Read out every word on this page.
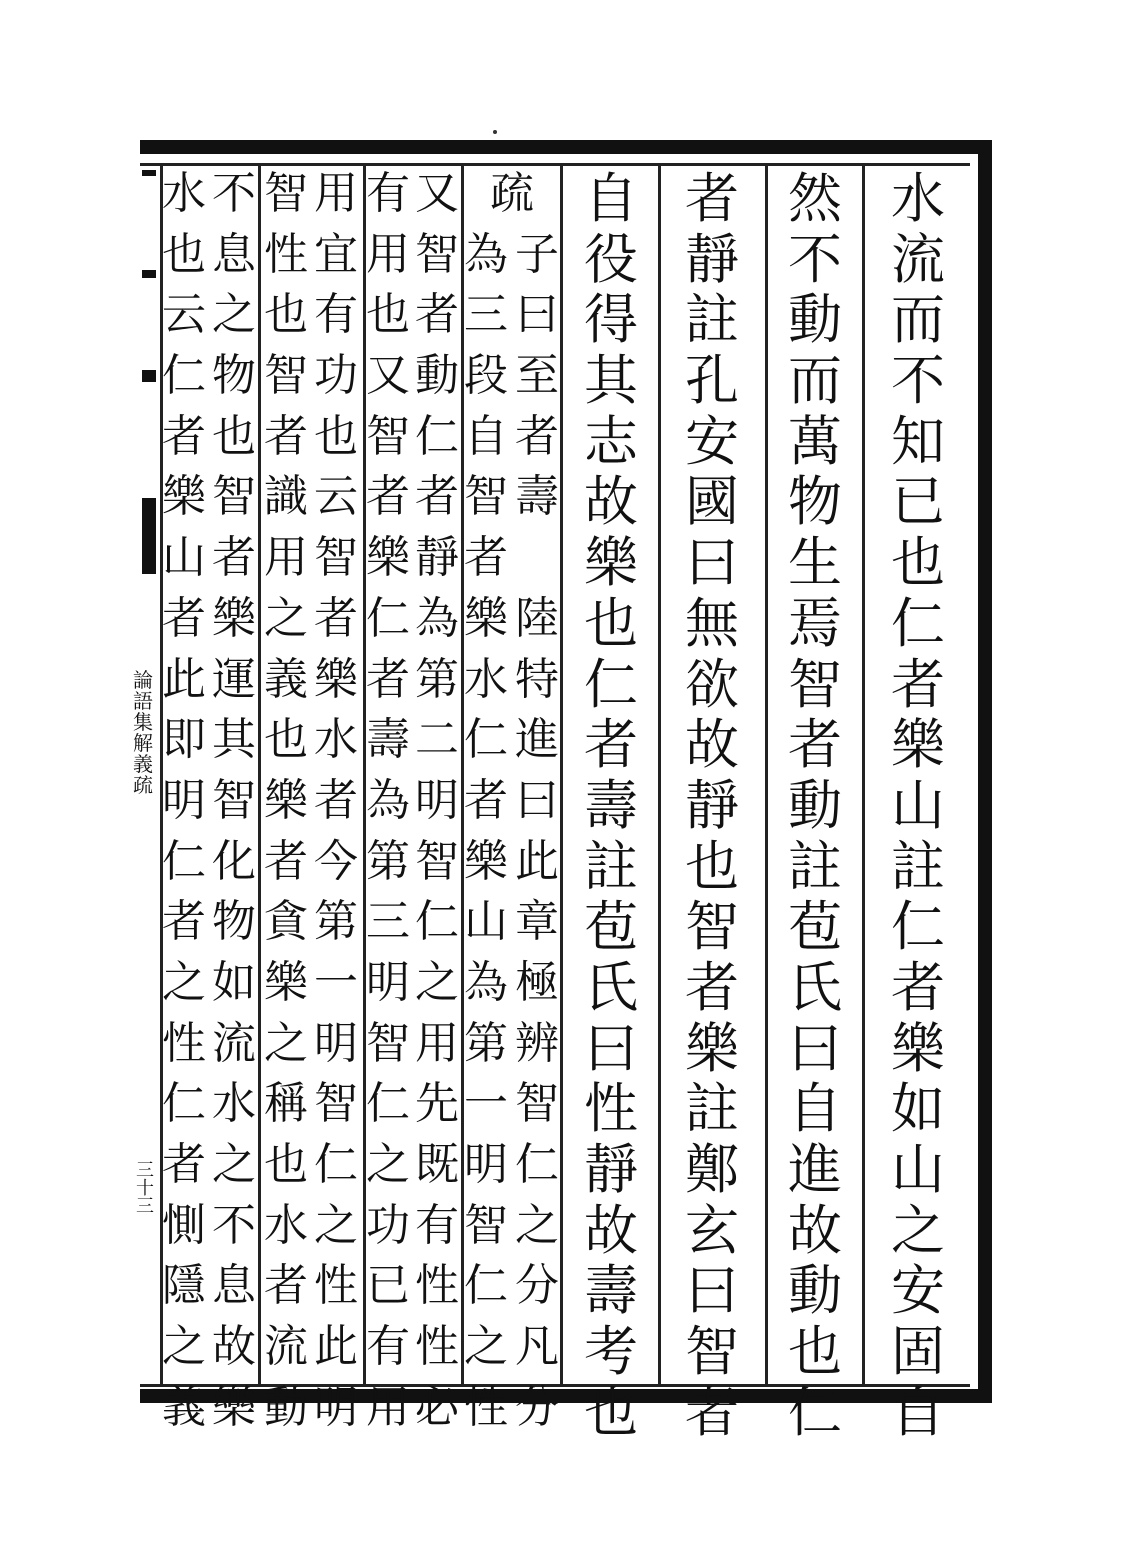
論
語
集
解
義
疏
三十三
水
流
而
不
知
已
也
仁
者
樂
山
註
仁
者
樂
如
山
之
安
固
自
然
不
動
而
萬
物
生
焉
智
者
動
註
苞
氏
曰
自
進
故
動
也
仁
者
靜
註
孔
安
國
曰
無
欲
故
靜
也
智
者
樂
註
鄭
玄
曰
智
者
自
役
得
其
志
故
樂
也
仁
者
壽
註
苞
氏
曰
性
靜
故
壽
考
也
疏
子
曰
至
者
壽
陸
特
進
曰
此
章
極
辨
智
仁
之
分
凡
分
為
三
段
自
智
者
樂
水
仁
者
樂
山
為
第
一
明
智
仁
之
性
又
智
者
動
仁
者
靜
為
第
二
明
智
仁
之
用
先
既
有
性
性
必
有
用
也
又
智
者
樂
仁
者
壽
為
第
三
明
智
仁
之
功
已
有
用
用
宜
有
功
也
云
智
者
樂
水
者
今
第
一
明
智
仁
之
性
此
明
智
性
也
智
者
識
用
之
義
也
樂
者
貪
樂
之
稱
也
水
者
流
動
不
息
之
物
也
智
者
樂
運
其
智
化
物
如
流
水
之
不
息
故
樂
水
也
云
仁
者
樂
山
者
此
即
明
仁
者
之
性
仁
者
惻
隱
之
義
